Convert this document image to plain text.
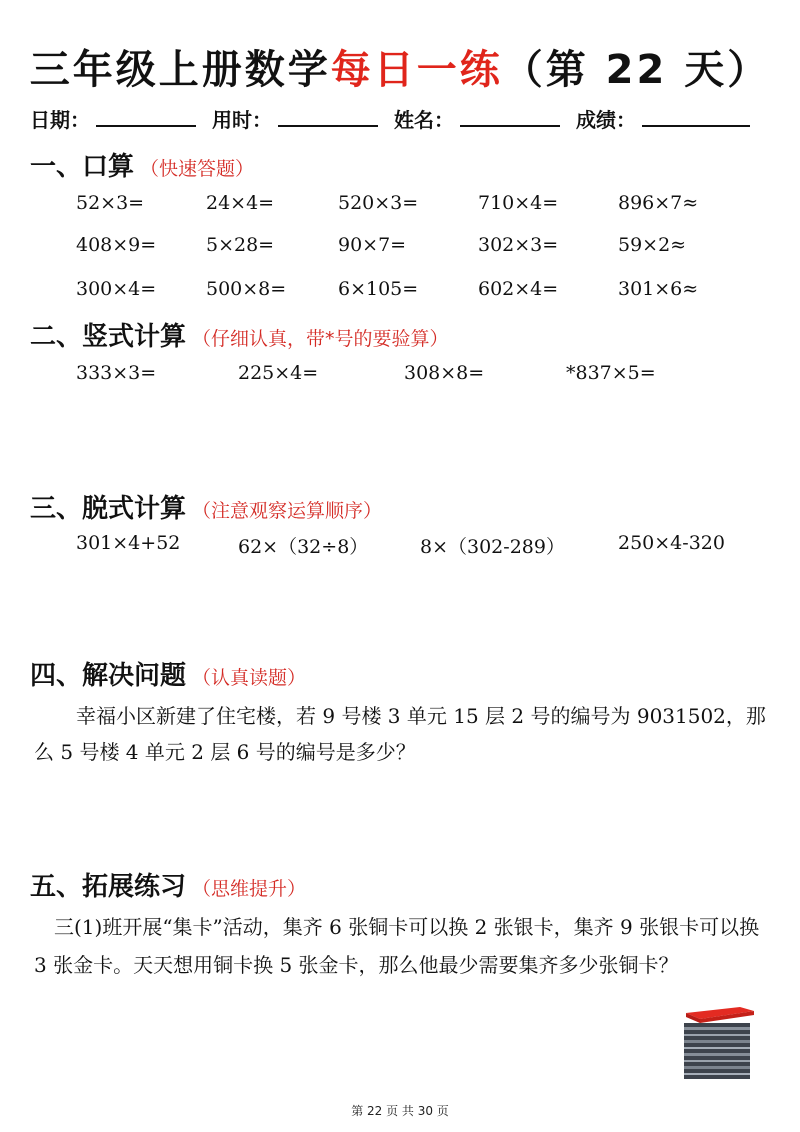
三年级上册数学每日一练（第 22 天）
日期：	用时：	姓名：	成绩：
一、口算 （快速答题）
52×3=	24×4=	520×3=	710×4=	896×7≈
408×9=	5×28=	90×7=	302×3=	59×2≈
300×4=	500×8=	6×105=	602×4=	301×6≈
二、竖式计算 （仔细认真，带*号的要验算）
333×3=	225×4=	308×8=	*837×5=
三、脱式计算 （注意观察运算顺序）
301×4+52	62×（32÷8）	8×（302-289）	250×4-320
四、解决问题 （认真读题）
幸福小区新建了住宅楼，若 9 号楼 3 单元 15 层 2 号的编号为 9031502，那么 5 号楼 4 单元 2 层 6 号的编号是多少？
五、拓展练习 （思维提升）
三(1)班开展“集卡”活动，集齐 6 张铜卡可以换 2 张银卡，集齐 9 张银卡可以换 3 张金卡。天天想用铜卡换 5 张金卡，那么他最少需要集齐多少张铜卡？
第 22 页 共 30 页
